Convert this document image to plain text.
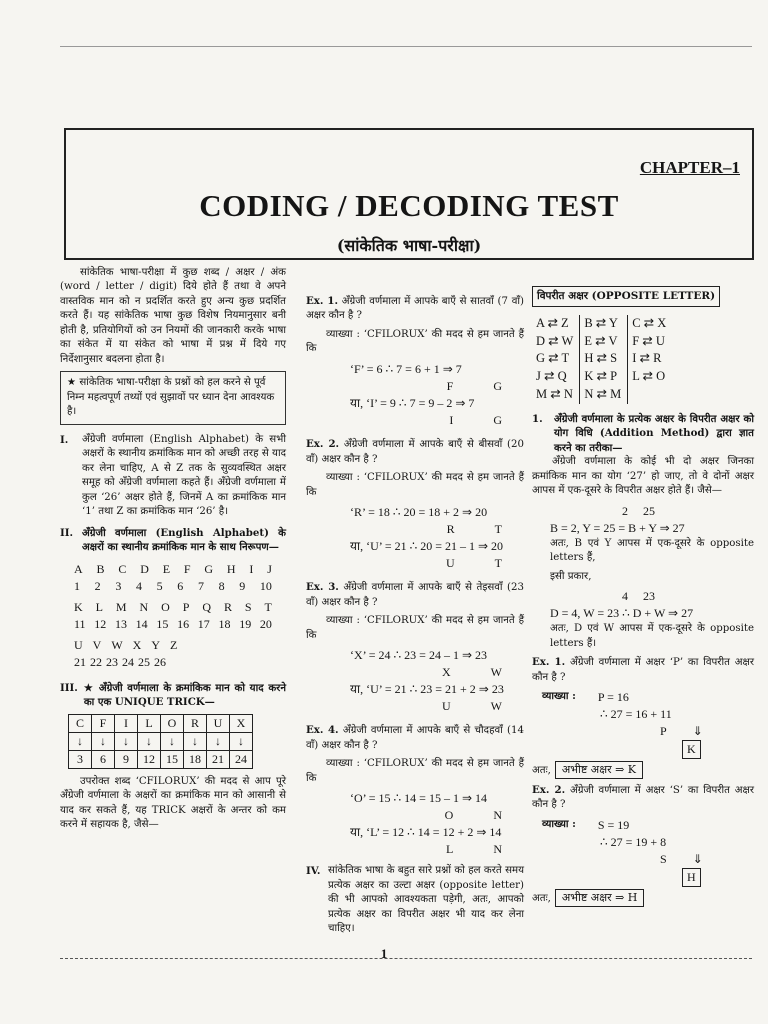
CHAPTER–1
CODING / DECODING TEST
(सांकेतिक भाषा-परीक्षा)

सांकेतिक भाषा-परीक्षा में कुछ शब्द / अक्षर / अंक (word / letter / digit) दिये होते हैं तथा वे अपने वास्तविक मान को न प्रदर्शित करते हुए अन्य कुछ प्रदर्शित करते हैं। यह सांकेतिक भाषा कुछ विशेष नियमानुसार बनी होती है, प्रतियोगियों को उन नियमों की जानकारी करके भाषा का संकेत में या संकेत को भाषा में प्रश्न में दिये गए निर्देशानुसार बदलना होता है।

★ सांकेतिक भाषा-परीक्षा के प्रश्नों को हल करने से पूर्व निम्न महत्वपूर्ण तथ्यों एवं सुझावों पर ध्यान देना आवश्यक है।
I.	अँग्रेजी वर्णमाला (English Alphabet) के सभी अक्षरों के स्थानीय क्रमांकिक मान को अच्छी तरह से याद कर लेना चाहिए, A से Z तक के सुव्यवस्थित अक्षर समूह को अँग्रेजी वर्णमाला कहते हैं। अँग्रेजी वर्णमाला में कुल ‘26’ अक्षर होते हैं, जिनमें A का क्रमांकिक मान ‘1’ तथा Z का क्रमांकिक मान ‘26’ है।
II. अँग्रेजी वर्णमाला (English Alphabet) के अक्षरों का स्थानीय क्रमांकिक मान के साथ निरूपण—
A B C D E F G H I J
1 2 3 4 5 6 7 8 9 10
K L M N O P Q R S T
11 12 13 14 15 16 17 18 19 20
U V W X Y Z
21 22 23 24 25 26
III. ★ अँग्रेजी वर्णमाला के क्रमांकिक मान को याद करने का एक UNIQUE TRICK—
C	F	I	L	O	R	U	X
↓	↓	↓	↓	↓	↓	↓	↓
3	6	9	12	15	18	21	24

उपरोक्त शब्द ‘CFILORUX’ की मदद से आप पूरे अँग्रेजी वर्णमाला के अक्षरों का क्रमांकिक मान को आसानी से याद कर सकते हैं, यह TRICK अक्षरों के अन्तर को कम करने में सहायक है, जैसे—

Ex. 1. अँग्रेजी वर्णमाला में आपके बाएँ से सातवाँ (7 वाँ) अक्षर कौन है ?

व्याख्या : ‘CFILORUX’ की मदद से हम जानते हैं कि

‘F’ = 6 ∴ 7 = 6 + 1 ⇒ 7
F	G
या, ‘I’ = 9 ∴ 7 = 9 – 2 ⇒ 7
I	G

Ex. 2. अँग्रेजी वर्णमाला में आपके बाएँ से बीसवाँ (20 वाँ) अक्षर कौन है ?

व्याख्या : ‘CFILORUX’ की मदद से हम जानते हैं कि

‘R’ = 18 ∴ 20 = 18 + 2 ⇒ 20
R	T
या, ‘U’ = 21 ∴ 20 = 21 – 1 ⇒ 20
U	T

Ex. 3. अँग्रेजी वर्णमाला में आपके बाएँ से तेइसवाँ (23 वाँ) अक्षर कौन है ?

व्याख्या : ‘CFILORUX’ की मदद से हम जानते हैं कि

‘X’ = 24 ∴ 23 = 24 – 1 ⇒ 23
X	W
या, ‘U’ = 21 ∴ 23 = 21 + 2 ⇒ 23
U	W

Ex. 4. अँग्रेजी वर्णमाला में आपके बाएँ से चौदहवाँ (14 वाँ) अक्षर कौन है ?

व्याख्या : ‘CFILORUX’ की मदद से हम जानते हैं कि

‘O’ = 15 ∴ 14 = 15 – 1 ⇒ 14
O	N
या, ‘L’ = 12 ∴ 14 = 12 + 2 ⇒ 14
L	N
IV. सांकेतिक भाषा के बहुत सारे प्रश्नों को हल करते समय प्रत्येक अक्षर का उल्टा अक्षर (opposite letter) की भी आपको आवश्यकता पड़ेगी, अतः, आपको प्रत्येक अक्षर का विपरीत अक्षर भी याद कर लेना चाहिए।
विपरीत अक्षर (OPPOSITE LETTER)
A ⇄ Z	B ⇄ Y	C ⇄ X
D ⇄ W	E ⇄ V	F ⇄ U
G ⇄ T	H ⇄ S	I ⇄ R
J ⇄ Q	K ⇄ P	L ⇄ O
M ⇄ N	N ⇄ M	
1.	अँग्रेजी वर्णमाला के प्रत्येक अक्षर के विपरीत अक्षर को योग विधि (Addition Method) द्वारा ज्ञात करने का तरीका—

अँग्रेजी वर्णमाला के कोई भी दो अक्षर जिनका क्रमांकिक मान का योग ‘27’ हो जाए, तो वे दोनों अक्षर आपस में एक-दूसरे के विपरीत अक्षर होते हैं। जैसे—

2     25
B = 2, Y = 25 = B + Y ⇒ 27

अतः, B एवं Y आपस में एक-दूसरे के opposite letters हैं,

इसी प्रकार,

4     23
D = 4, W = 23 ∴ D + W ⇒ 27

अतः, D एवं W आपस में एक-दूसरे के opposite letters हैं।

Ex. 1. अँग्रेजी वर्णमाला में अक्षर ‘P’ का विपरीत अक्षर कौन है ?

व्याख्या : P = 16
∴ 27 = 16 + 11
P ⇓
K

अतः, अभीष्ट अक्षर ⇒ K

Ex. 2. अँग्रेजी वर्णमाला में अक्षर ‘S’ का विपरीत अक्षर कौन है ?

व्याख्या : S = 19
∴ 27 = 19 + 8
S ⇓
H

अतः, अभीष्ट अक्षर ⇒ H

1
